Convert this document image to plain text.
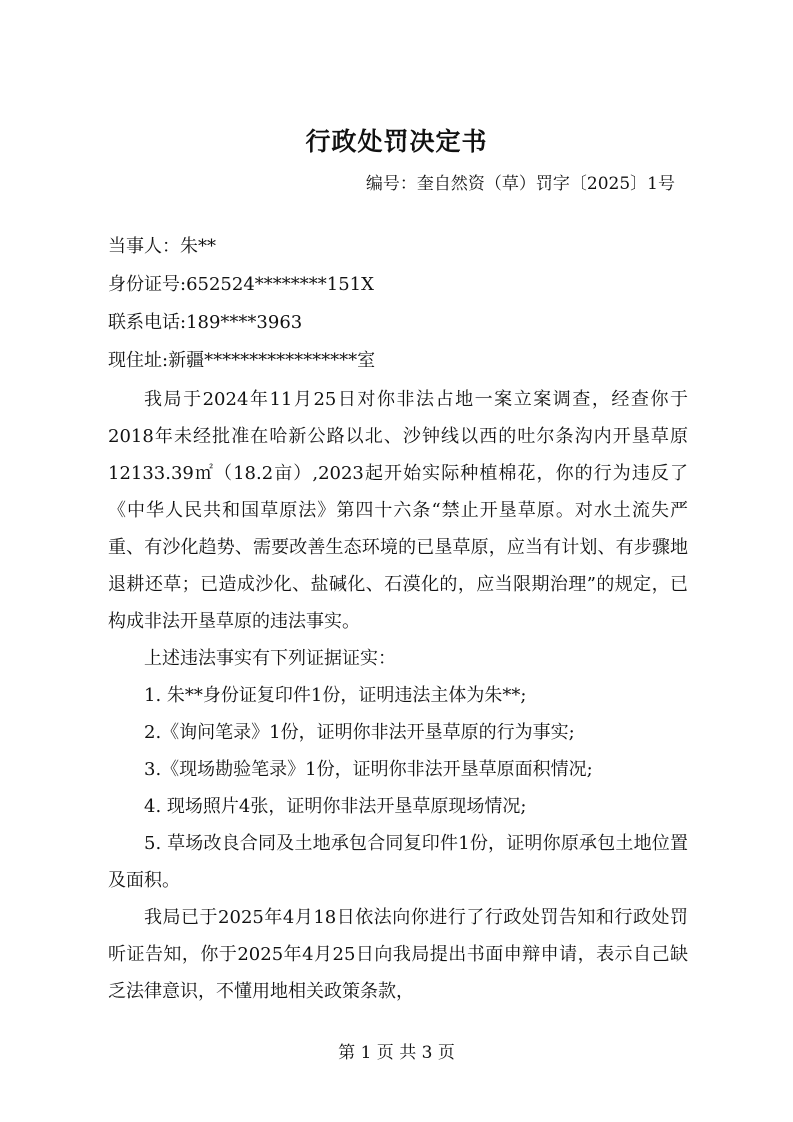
行政处罚决定书
编号：奎自然资（草）罚字〔2025〕1号
当事人：朱**
身份证号:652524********151X
联系电话:189****3963
现住址:新疆*****************室

我局于2024年11月25日对你非法占地一案立案调查，经查你于2018年未经批准在哈新公路以北、沙钟线以西的吐尔条沟内开垦草原12133.39㎡（18.2亩）,2023起开始实际种植棉花，你的行为违反了《中华人民共和国草原法》第四十六条“禁止开垦草原。对水土流失严重、有沙化趋势、需要改善生态环境的已垦草原，应当有计划、有步骤地退耕还草；已造成沙化、盐碱化、石漠化的，应当限期治理”的规定，已构成非法开垦草原的违法事实。

上述违法事实有下列证据证实：

1. 朱**身份证复印件1份，证明违法主体为朱**;

2.《询问笔录》1份，证明你非法开垦草原的行为事实;

3.《现场勘验笔录》1份，证明你非法开垦草原面积情况;

4. 现场照片4张，证明你非法开垦草原现场情况;

5. 草场改良合同及土地承包合同复印件1份，证明你原承包土地位置及面积。

我局已于2025年4月18日依法向你进行了行政处罚告知和行政处罚听证告知，你于2025年4月25日向我局提出书面申辩申请，表示自己缺乏法律意识，不懂用地相关政策条款，

第 1 页 共 3 页
